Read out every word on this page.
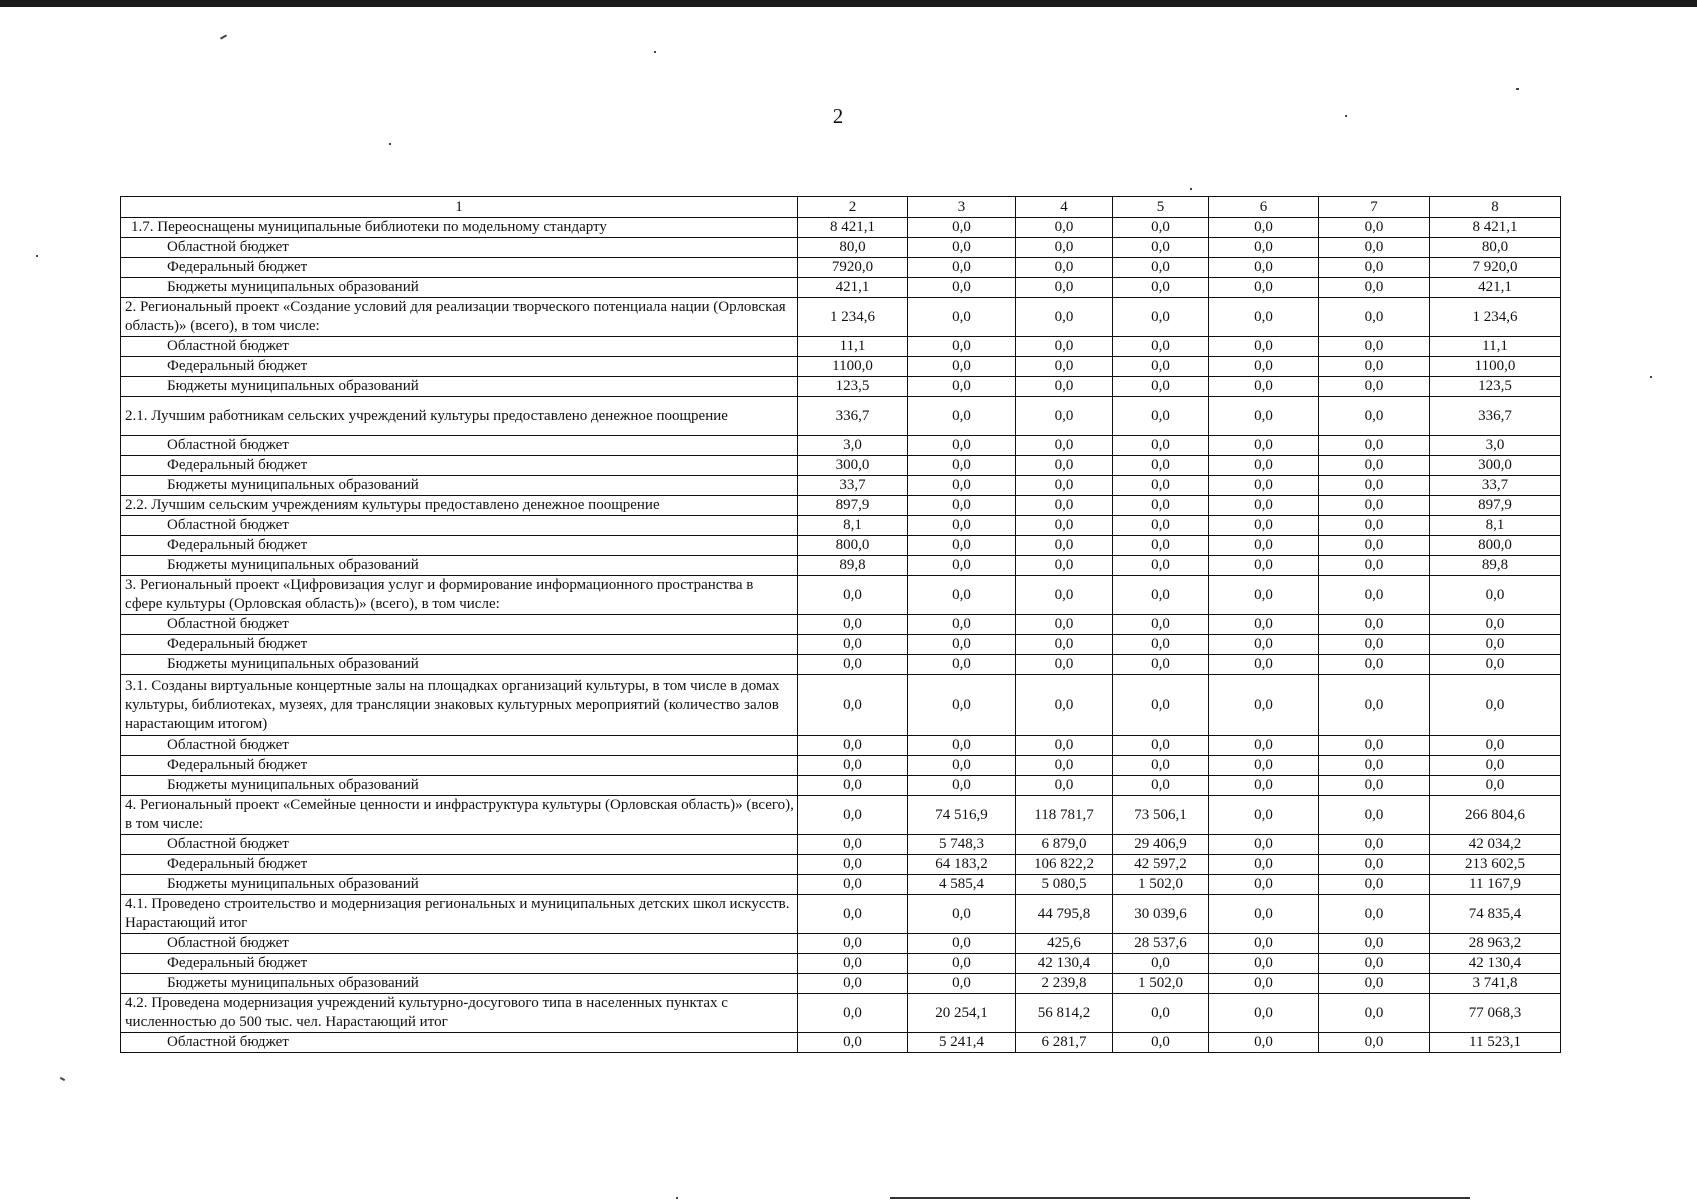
2
1	2	3	4	5	6	7	8
1.7. Переоснащены муниципальные библиотеки по модельному стандарту	8 421,1	0,0	0,0	0,0	0,0	0,0	8 421,1
Областной бюджет	80,0	0,0	0,0	0,0	0,0	0,0	80,0
Федеральный бюджет	7920,0	0,0	0,0	0,0	0,0	0,0	7 920,0
Бюджеты муниципальных образований	421,1	0,0	0,0	0,0	0,0	0,0	421,1
2. Региональный проект «Создание условий для реализации творческого потенциала нации (Орловская область)» (всего), в том числе:	1 234,6	0,0	0,0	0,0	0,0	0,0	1 234,6
Областной бюджет	11,1	0,0	0,0	0,0	0,0	0,0	11,1
Федеральный бюджет	1100,0	0,0	0,0	0,0	0,0	0,0	1100,0
Бюджеты муниципальных образований	123,5	0,0	0,0	0,0	0,0	0,0	123,5
2.1. Лучшим работникам сельских учреждений культуры предоставлено денежное поощрение	336,7	0,0	0,0	0,0	0,0	0,0	336,7
Областной бюджет	3,0	0,0	0,0	0,0	0,0	0,0	3,0
Федеральный бюджет	300,0	0,0	0,0	0,0	0,0	0,0	300,0
Бюджеты муниципальных образований	33,7	0,0	0,0	0,0	0,0	0,0	33,7
2.2. Лучшим сельским учреждениям культуры предоставлено денежное поощрение	897,9	0,0	0,0	0,0	0,0	0,0	897,9
Областной бюджет	8,1	0,0	0,0	0,0	0,0	0,0	8,1
Федеральный бюджет	800,0	0,0	0,0	0,0	0,0	0,0	800,0
Бюджеты муниципальных образований	89,8	0,0	0,0	0,0	0,0	0,0	89,8
3. Региональный проект «Цифровизация услуг и формирование информационного пространства в сфере культуры (Орловская область)» (всего), в том числе:	0,0	0,0	0,0	0,0	0,0	0,0	0,0
Областной бюджет	0,0	0,0	0,0	0,0	0,0	0,0	0,0
Федеральный бюджет	0,0	0,0	0,0	0,0	0,0	0,0	0,0
Бюджеты муниципальных образований	0,0	0,0	0,0	0,0	0,0	0,0	0,0
3.1. Созданы виртуальные концертные залы на площадках организаций культуры, в том числе в домах культуры, библиотеках, музеях, для трансляции знаковых культурных мероприятий (количество залов нарастающим итогом)	0,0	0,0	0,0	0,0	0,0	0,0	0,0
Областной бюджет	0,0	0,0	0,0	0,0	0,0	0,0	0,0
Федеральный бюджет	0,0	0,0	0,0	0,0	0,0	0,0	0,0
Бюджеты муниципальных образований	0,0	0,0	0,0	0,0	0,0	0,0	0,0
4. Региональный проект «Семейные ценности и инфраструктура культуры (Орловская область)» (всего), в том числе:	0,0	74 516,9	118 781,7	73 506,1	0,0	0,0	266 804,6
Областной бюджет	0,0	5 748,3	6 879,0	29 406,9	0,0	0,0	42 034,2
Федеральный бюджет	0,0	64 183,2	106 822,2	42 597,2	0,0	0,0	213 602,5
Бюджеты муниципальных образований	0,0	4 585,4	5 080,5	1 502,0	0,0	0,0	11 167,9
4.1. Проведено строительство и модернизация региональных и муниципальных детских школ искусств. Нарастающий итог	0,0	0,0	44 795,8	30 039,6	0,0	0,0	74 835,4
Областной бюджет	0,0	0,0	425,6	28 537,6	0,0	0,0	28 963,2
Федеральный бюджет	0,0	0,0	42 130,4	0,0	0,0	0,0	42 130,4
Бюджеты муниципальных образований	0,0	0,0	2 239,8	1 502,0	0,0	0,0	3 741,8
4.2. Проведена модернизация учреждений культурно-досугового типа в населенных пунктах с численностью до 500 тыс. чел. Нарастающий итог	0,0	20 254,1	56 814,2	0,0	0,0	0,0	77 068,3
Областной бюджет	0,0	5 241,4	6 281,7	0,0	0,0	0,0	11 523,1
